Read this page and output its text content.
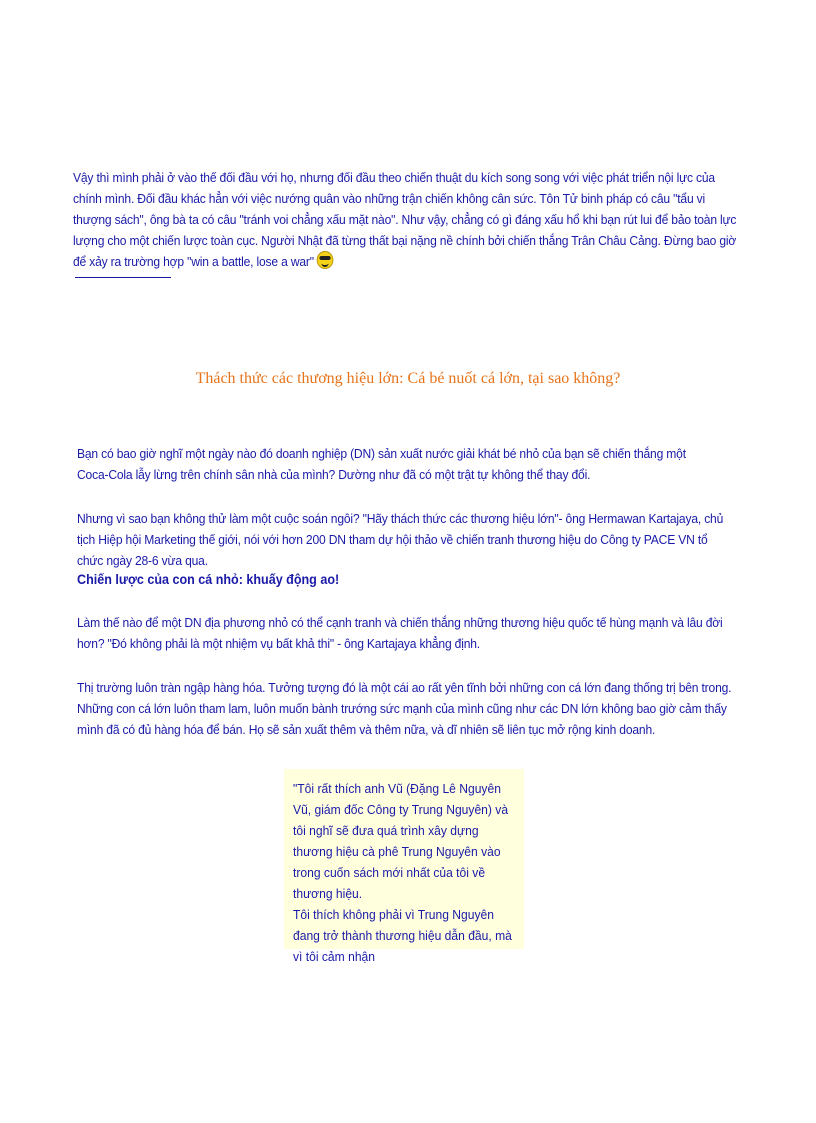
Vậy thì mình phải ở vào thế đối đầu với họ, nhưng đối đầu theo chiến thuật du kích song song với việc phát triển nội lực của chính mình. Đối đầu khác hẳn với việc nướng quân vào những trận chiến không cân sức. Tôn Tử binh pháp có câu "tẩu vi thượng sách", ông bà ta có câu "tránh voi chẳng xấu mặt nào". Như vậy, chẳng có gì đáng xấu hổ khi bạn rút lui để bảo toàn lực lượng cho một chiến lược toàn cục. Người Nhật đã từng thất bại nặng nề chính bởi chiến thắng Trân Châu Cảng. Đừng bao giờ để xảy ra trường hợp "win a battle, lose a war"
Thách thức các thương hiệu lớn: Cá bé nuốt cá lớn, tại sao không?
Bạn có bao giờ nghĩ một ngày nào đó doanh nghiệp (DN) sản xuất nước giải khát bé nhỏ của bạn sẽ chiến thắng một Coca-Cola lẫy lừng trên chính sân nhà của mình? Dường như đã có một trật tự không thể thay đổi.
Nhưng vì sao bạn không thử làm một cuộc soán ngôi? "Hãy thách thức các thương hiệu lớn"- ông Hermawan Kartajaya, chủ tịch Hiệp hội Marketing thế giới, nói với hơn 200 DN tham dự hội thảo về chiến tranh thương hiệu do Công ty PACE VN tổ chức ngày 28-6 vừa qua.
Chiến lược của con cá nhỏ: khuấy động ao!
Làm thế nào để một DN địa phương nhỏ có thể cạnh tranh và chiến thắng những thương hiệu quốc tế hùng mạnh và lâu đời hơn? "Đó không phải là một nhiệm vụ bất khả thi" - ông Kartajaya khẳng định.
Thị trường luôn tràn ngập hàng hóa. Tưởng tượng đó là một cái ao rất yên tĩnh bởi những con cá lớn đang thống trị bên trong. Những con cá lớn luôn tham lam, luôn muốn bành trướng sức mạnh của mình cũng như các DN lớn không bao giờ cảm thấy mình đã có đủ hàng hóa để bán. Họ sẽ sản xuất thêm và thêm nữa, và dĩ nhiên sẽ liên tục mở rộng kinh doanh.
"Tôi rất thích anh Vũ (Đặng Lê Nguyên Vũ, giám đốc Công ty Trung Nguyên) và tôi nghĩ sẽ đưa quá trình xây dựng thương hiệu cà phê Trung Nguyên vào trong cuốn sách mới nhất của tôi về thương hiệu.
Tôi thích không phải vì Trung Nguyên đang trở thành thương hiệu dẫn đầu, mà vì tôi cảm nhận
